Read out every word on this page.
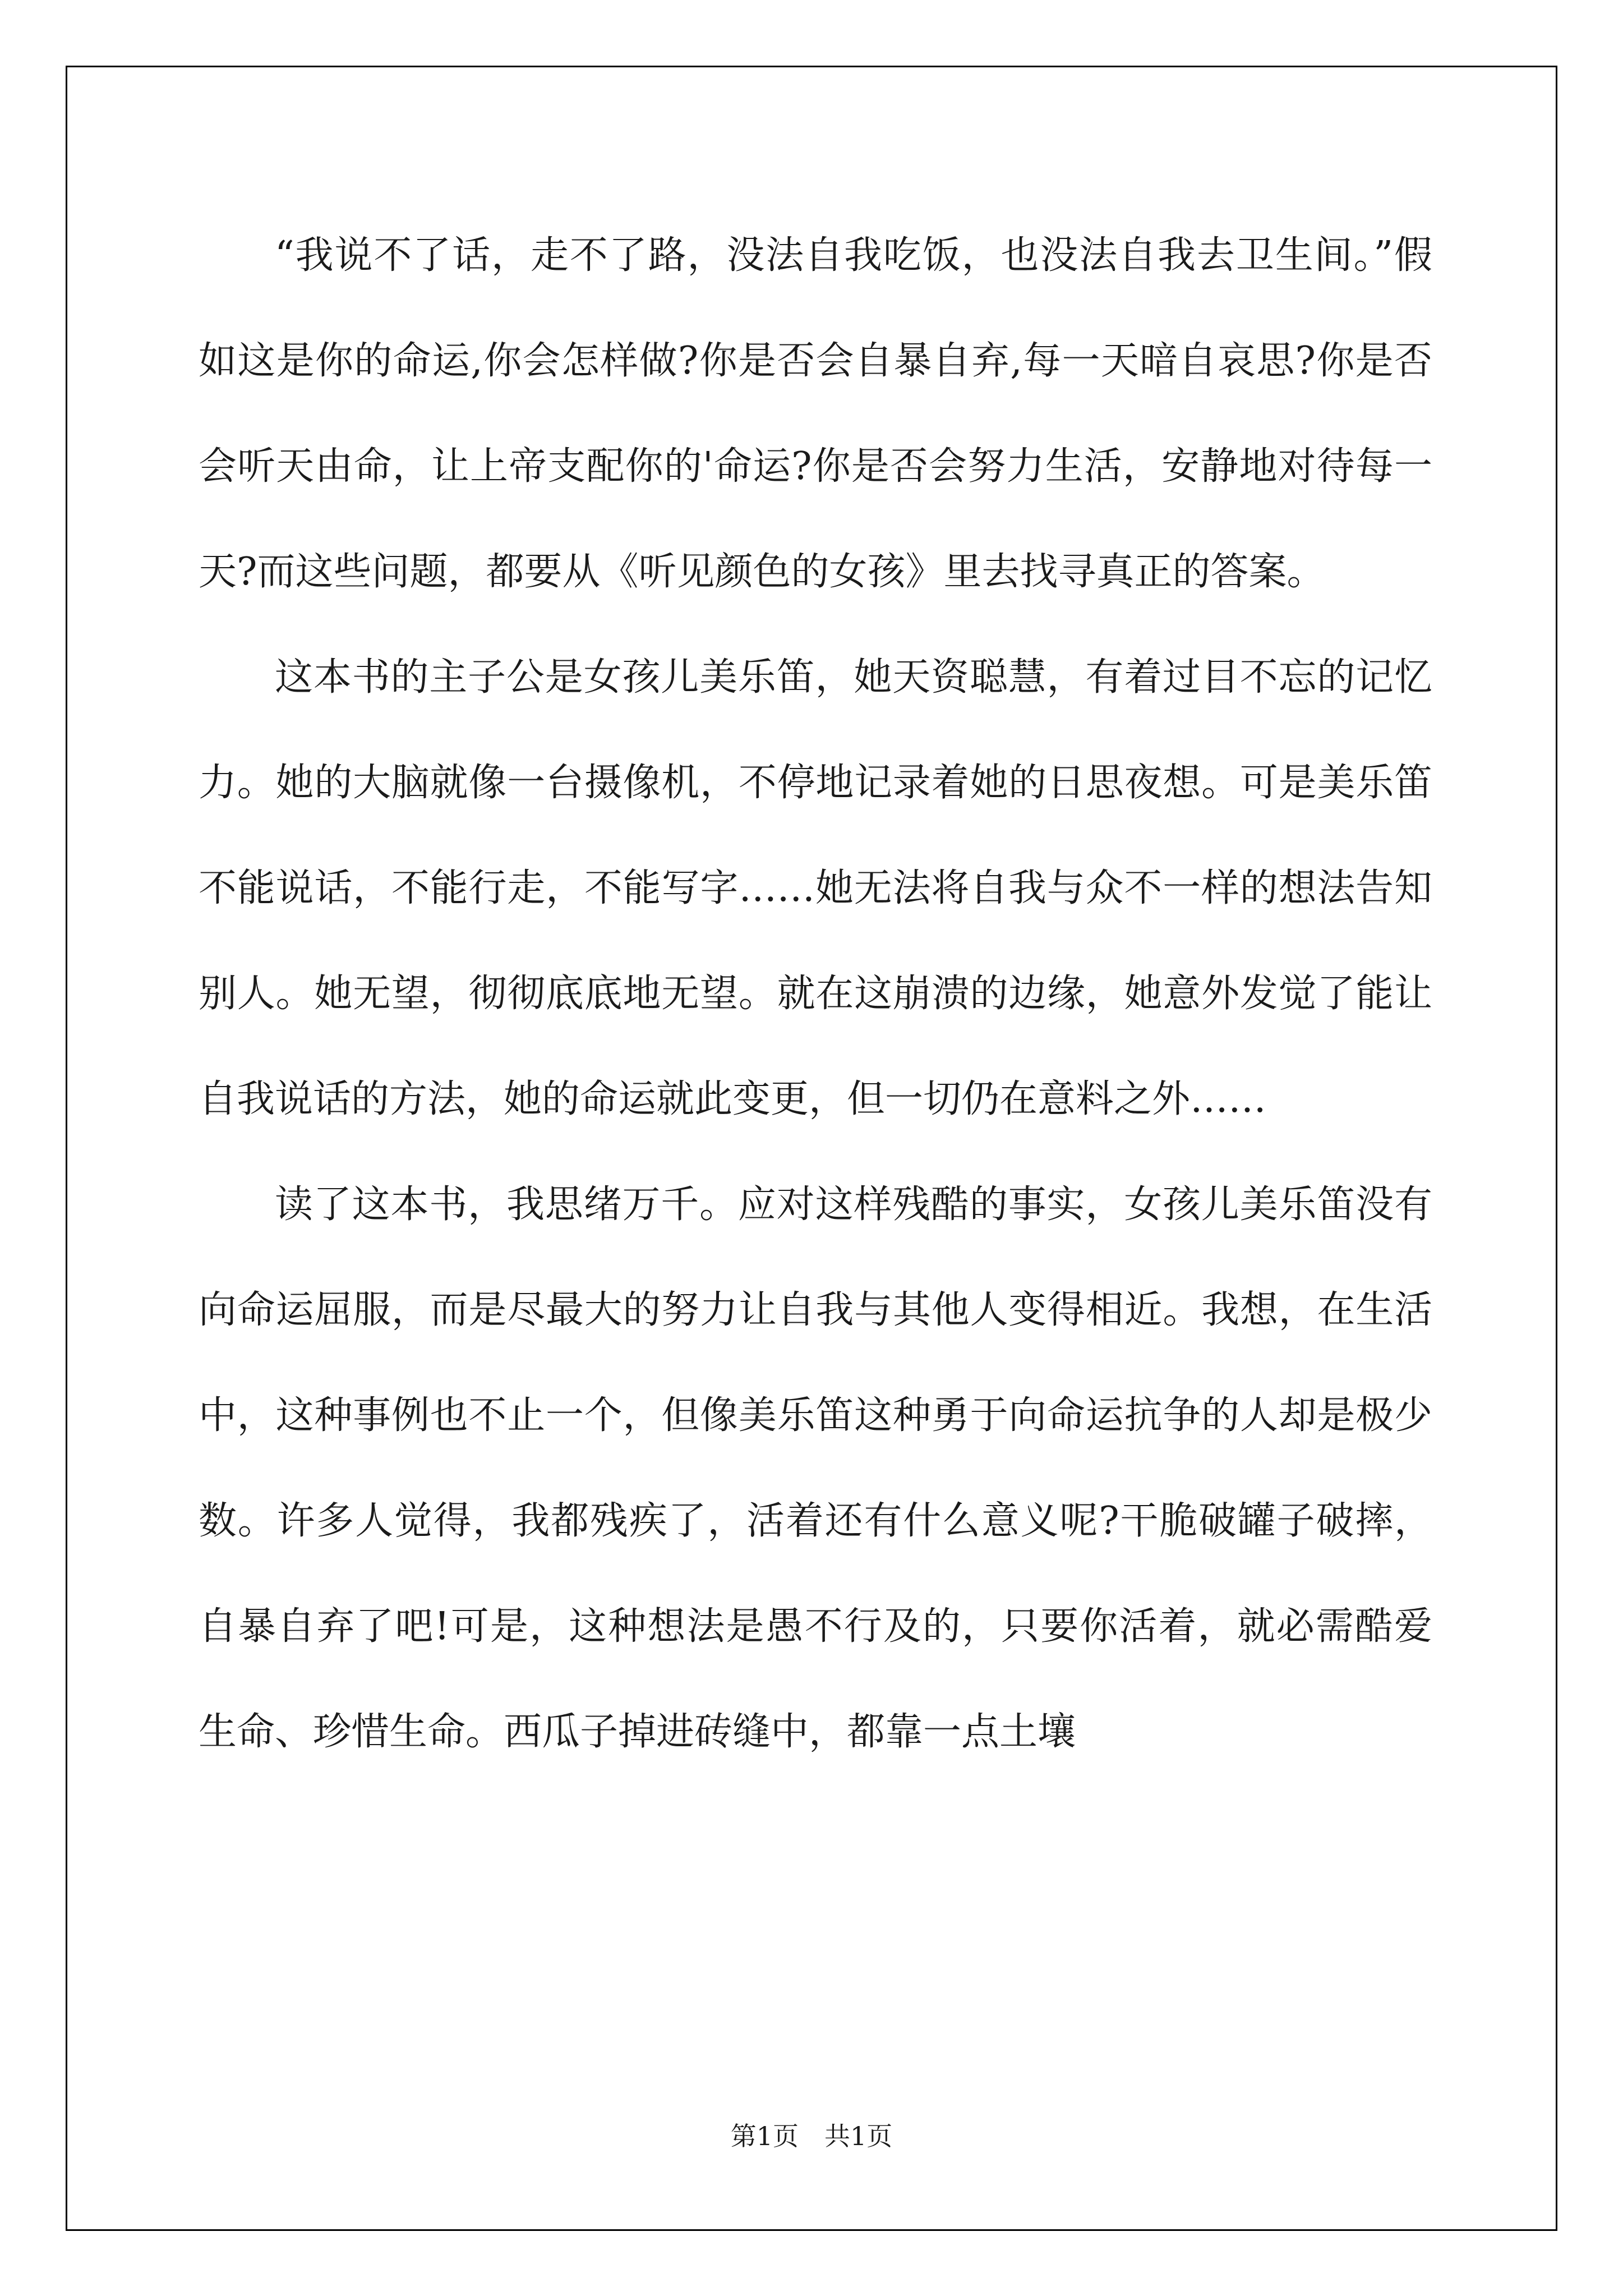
“我说不了话，走不了路，没法自我吃饭，也没法自我去卫生间。”假如这是你的命运,你会怎样做?你是否会自暴自弃,每一天暗自哀思?你是否会听天由命，让上帝支配你的'命运?你是否会努力生活，安静地对待每一天?而这些问题，都要从《听见颜色的女孩》里去找寻真正的答案。

这本书的主子公是女孩儿美乐笛，她天资聪慧，有着过目不忘的记忆力。她的大脑就像一台摄像机，不停地记录着她的日思夜想。可是美乐笛不能说话，不能行走，不能写字……她无法将自我与众不一样的想法告知别人。她无望，彻彻底底地无望。就在这崩溃的边缘，她意外发觉了能让自我说话的方法，她的命运就此变更，但一切仍在意料之外……

读了这本书，我思绪万千。应对这样残酷的事实，女孩儿美乐笛没有向命运屈服，而是尽最大的努力让自我与其他人变得相近。我想，在生活中，这种事例也不止一个，但像美乐笛这种勇于向命运抗争的人却是极少数。许多人觉得，我都残疾了，活着还有什么意义呢?干脆破罐子破摔，自暴自弃了吧!可是，这种想法是愚不行及的，只要你活着，就必需酷爱生命、珍惜生命。西瓜子掉进砖缝中，都靠一点土壤

第1页　共1页
